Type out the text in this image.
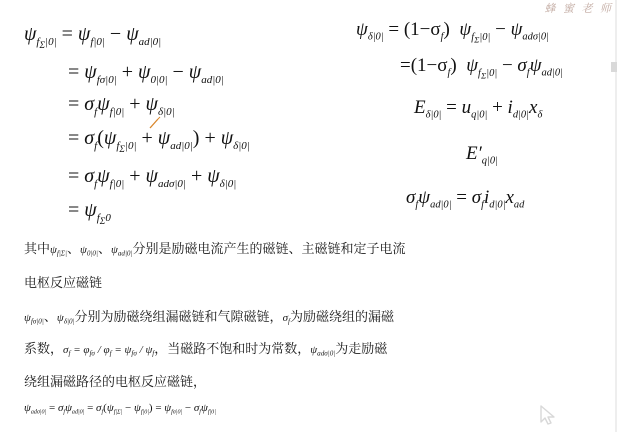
蜂 蜜 老 师
$\psi_{f_\Sigma|0|} = \psi_{f|0|} - \psi_{ad|0|}$
= $\psi_{f\sigma|0|} + \psi_{0|0|} - \psi_{ad|0|}$
= $\sigma_f\psi_{f|0|} + \psi_{\delta|0|}$
= $\sigma_f(\psi_{f_\Sigma|0|} + \psi_{ad|0|}) + \psi_{\delta|0|}$
= $\sigma_f\psi_{f|0|} + \psi_{ad\sigma|0|} + \psi_{\delta|0|}$
= $\psi_{f_\Sigma 0}$
$\psi_{\delta|0|} = (1-\sigma_f) \psi_{f_\Sigma|0|} - \psi_{ad\sigma|0|}$
$=(1-\sigma_f) \psi_{f_\Sigma|0|} - \sigma_f\psi_{ad|0|}$
$E_{\delta|0|} = u_{q|0|} + i_{d|0|}x_\delta$
$E'_{q|0|}$
$\sigma_f\psi_{ad|0|} = \sigma_fi_{d|0|}x_{ad}$
其中$\psi_{f|\Sigma|}$、$\psi_{0|0|}$、$\psi_{ad|0|}$分别是励磁电流产生的磁链、主磁链和定子电流
电枢反应磁链
$\psi_{f\sigma|0|}$、$\psi_{\delta|0|}$分别为励磁绕组漏磁链和气隙磁链，$\sigma_f$为励磁绕组的漏磁
系数，$\sigma_f = \varphi_{f\sigma} / \varphi_f = \psi_{f\sigma} / \psi_f$，当磁路不饱和时为常数，$\psi_{ad\sigma|0|}$为走励磁
绕组漏磁路径的电枢反应磁链，
$\psi_{ad\sigma|0|} = \sigma_f\psi_{ad|0|} = \sigma_f(\psi_{f|\Sigma|} - \psi_{f|0|}) = \psi_{f\sigma|0|} - \sigma_f\psi_{f|0|}$
